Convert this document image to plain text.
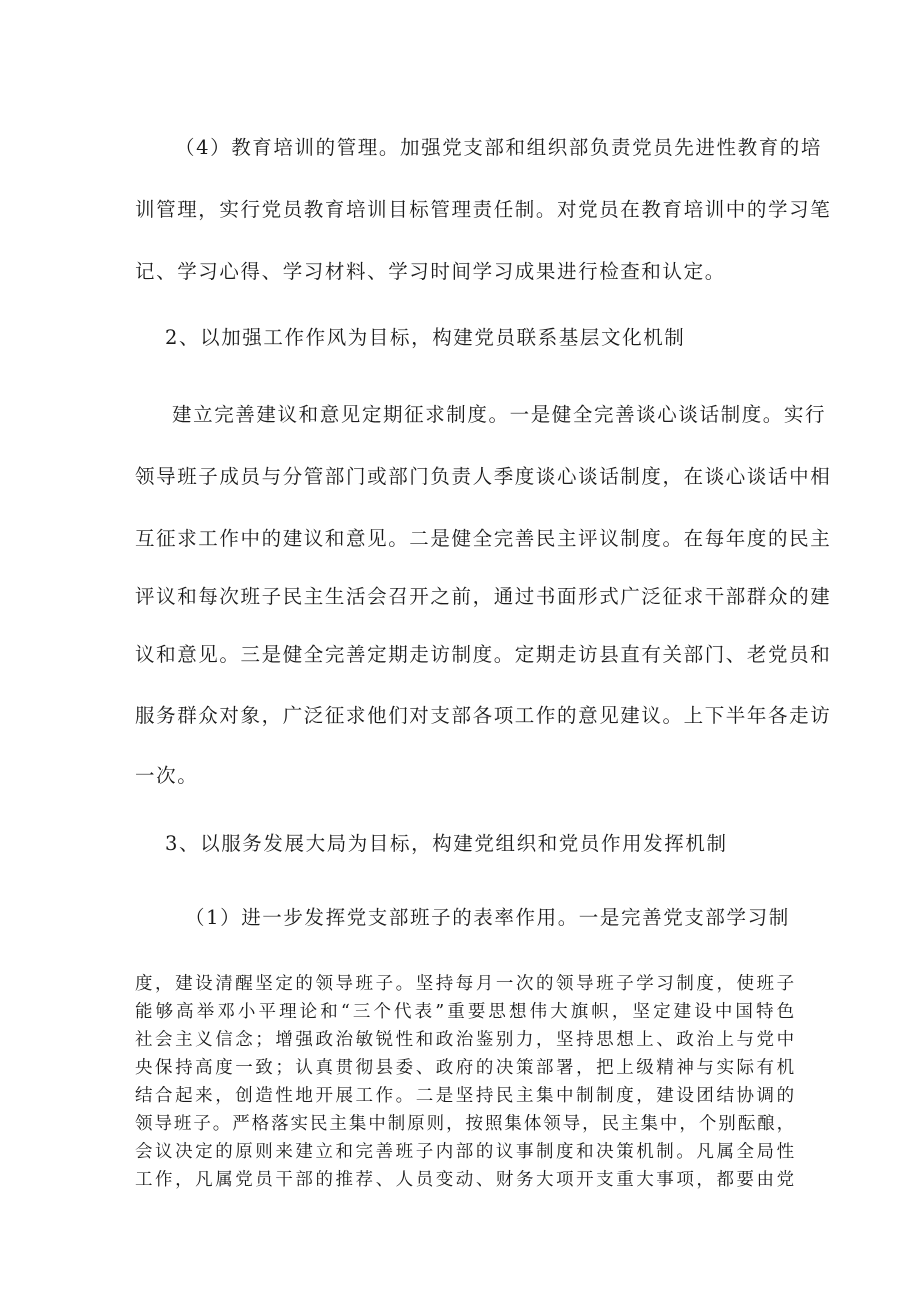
（4）教育培训的管理。加强党支部和组织部负责党员先进性教育的培
训管理，实行党员教育培训目标管理责任制。对党员在教育培训中的学习笔
记、学习心得、学习材料、学习时间学习成果进行检查和认定。
2、以加强工作作风为目标，构建党员联系基层文化机制
建立完善建议和意见定期征求制度。一是健全完善谈心谈话制度。实行
领导班子成员与分管部门或部门负责人季度谈心谈话制度，在谈心谈话中相
互征求工作中的建议和意见。二是健全完善民主评议制度。在每年度的民主
评议和每次班子民主生活会召开之前，通过书面形式广泛征求干部群众的建
议和意见。三是健全完善定期走访制度。定期走访县直有关部门、老党员和
服务群众对象，广泛征求他们对支部各项工作的意见建议。上下半年各走访
一次。
3、以服务发展大局为目标，构建党组织和党员作用发挥机制
（1）进一步发挥党支部班子的表率作用。一是完善党支部学习制
度，建设清醒坚定的领导班子。坚持每月一次的领导班子学习制度，使班子
能够高举邓小平理论和“三个代表”重要思想伟大旗帜，坚定建设中国特色
社会主义信念；增强政治敏锐性和政治鉴别力，坚持思想上、政治上与党中
央保持高度一致；认真贯彻县委、政府的决策部署，把上级精神与实际有机
结合起来，创造性地开展工作。二是坚持民主集中制制度，建设团结协调的
领导班子。严格落实民主集中制原则，按照集体领导，民主集中，个别酝酿，
会议决定的原则来建立和完善班子内部的议事制度和决策机制。凡属全局性
工作，凡属党员干部的推荐、人员变动、财务大项开支重大事项，都要由党
